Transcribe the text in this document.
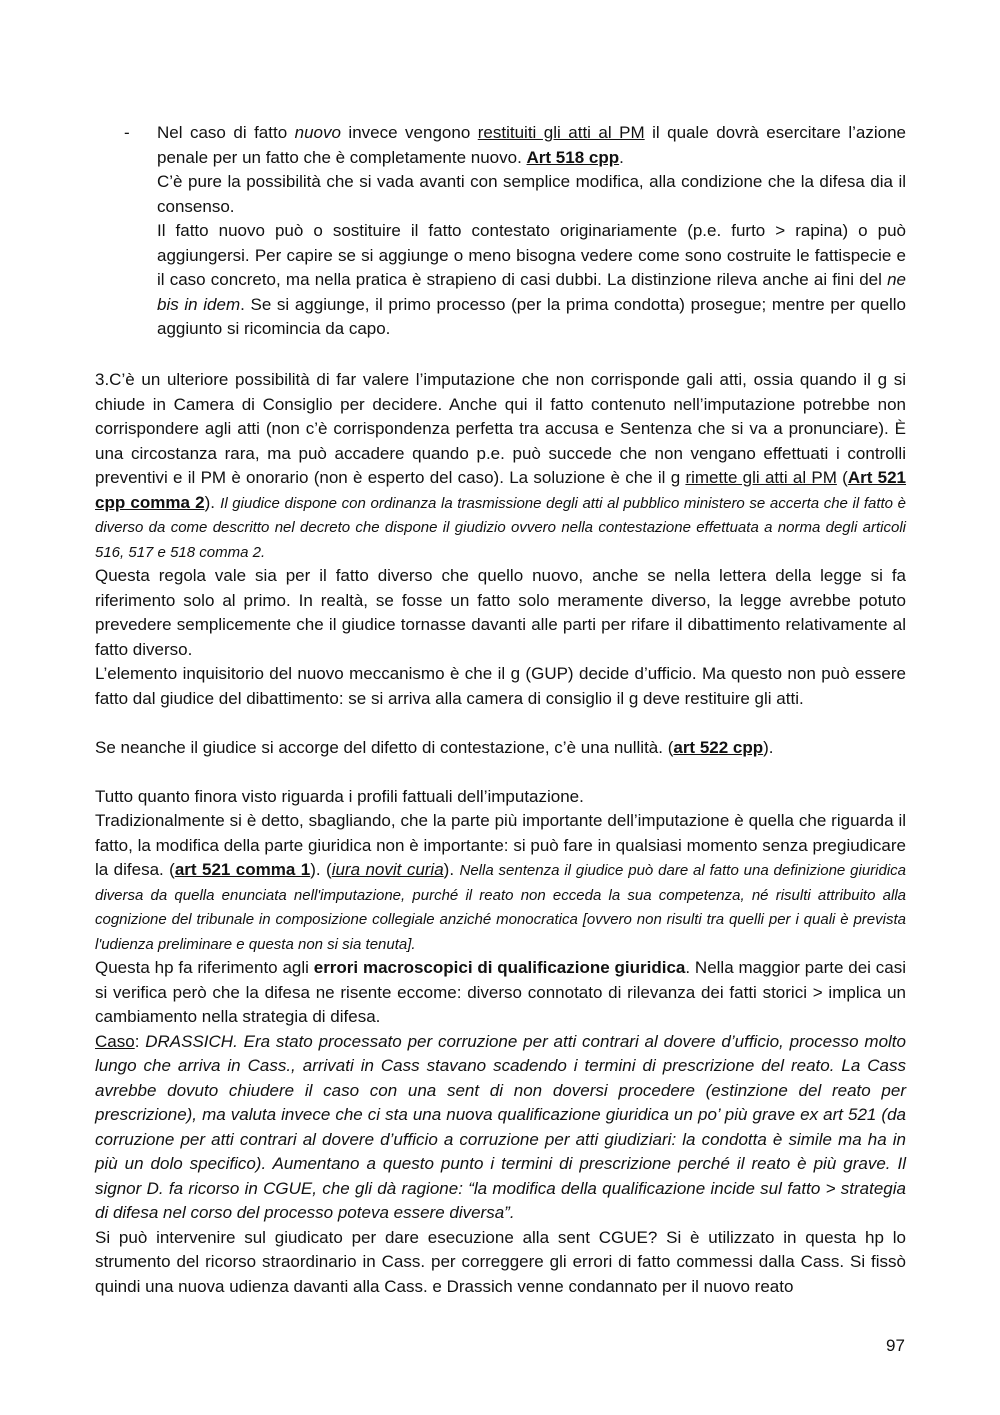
- Nel caso di fatto nuovo invece vengono restituiti gli atti al PM il quale dovrà esercitare l’azione penale per un fatto che è completamente nuovo. Art 518 cpp.

C’è pure la possibilità che si vada avanti con semplice modifica, alla condizione che la difesa dia il consenso.

Il fatto nuovo può o sostituire il fatto contestato originariamente (p.e. furto > rapina) o può aggiungersi. Per capire se si aggiunge o meno bisogna vedere come sono costruite le fattispecie e il caso concreto, ma nella pratica è strapieno di casi dubbi. La distinzione rileva anche ai fini del ne bis in idem. Se si aggiunge, il primo processo (per la prima condotta) prosegue; mentre per quello aggiunto si ricomincia da capo.

3.C’è un ulteriore possibilità di far valere l’imputazione che non corrisponde gali atti, ossia quando il g si chiude in Camera di Consiglio per decidere. Anche qui il fatto contenuto nell’imputazione potrebbe non corrispondere agli atti (non c’è corrispondenza perfetta tra accusa e Sentenza che si va a pronunciare). È una circostanza rara, ma può accadere quando p.e. può succede che non vengano effettuati i controlli preventivi e il PM è onorario (non è esperto del caso). La soluzione è che il g rimette gli atti al PM (Art 521 cpp comma 2). Il giudice dispone con ordinanza la trasmissione degli atti al pubblico ministero se accerta che il fatto è diverso da come descritto nel decreto che dispone il giudizio ovvero nella contestazione effettuata a norma degli articoli 516, 517 e 518 comma 2.

Questa regola vale sia per il fatto diverso che quello nuovo, anche se nella lettera della legge si fa riferimento solo al primo. In realtà, se fosse un fatto solo meramente diverso, la legge avrebbe potuto prevedere semplicemente che il giudice tornasse davanti alle parti per rifare il dibattimento relativamente al fatto diverso.

L’elemento inquisitorio del nuovo meccanismo è che il g (GUP) decide d’ufficio. Ma questo non può essere fatto dal giudice del dibattimento: se si arriva alla camera di consiglio il g deve restituire gli atti.

Se neanche il giudice si accorge del difetto di contestazione, c’è una nullità. (art 522 cpp).

Tutto quanto finora visto riguarda i profili fattuali dell’imputazione.

Tradizionalmente si è detto, sbagliando, che la parte più importante dell’imputazione è quella che riguarda il fatto, la modifica della parte giuridica non è importante: si può fare in qualsiasi momento senza pregiudicare la difesa. (art 521 comma 1). (iura novit curia). Nella sentenza il giudice può dare al fatto una definizione giuridica diversa da quella enunciata nell'imputazione, purché il reato non ecceda la sua competenza, né risulti attribuito alla cognizione del tribunale in composizione collegiale anziché monocratica [ovvero non risulti tra quelli per i quali è prevista l'udienza preliminare e questa non si sia tenuta].

Questa hp fa riferimento agli errori macroscopici di qualificazione giuridica. Nella maggior parte dei casi si verifica però che la difesa ne risente eccome: diverso connotato di rilevanza dei fatti storici > implica un cambiamento nella strategia di difesa.

Caso: DRASSICH. Era stato processato per corruzione per atti contrari al dovere d’ufficio, processo molto lungo che arriva in Cass., arrivati in Cass stavano scadendo i termini di prescrizione del reato. La Cass avrebbe dovuto chiudere il caso con una sent di non doversi procedere (estinzione del reato per prescrizione), ma valuta invece che ci sta una nuova qualificazione giuridica un po’ più grave ex art 521 (da corruzione per atti contrari al dovere d’ufficio a corruzione per atti giudiziari: la condotta è simile ma ha in più un dolo specifico). Aumentano a questo punto i termini di prescrizione perché il reato è più grave. Il signor D. fa ricorso in CGUE, che gli dà ragione: “la modifica della qualificazione incide sul fatto > strategia di difesa nel corso del processo poteva essere diversa”.

Si può intervenire sul giudicato per dare esecuzione alla sent CGUE? Si è utilizzato in questa hp lo strumento del ricorso straordinario in Cass. per correggere gli errori di fatto commessi dalla Cass. Si fissò quindi una nuova udienza davanti alla Cass. e Drassich venne condannato per il nuovo reato

97
